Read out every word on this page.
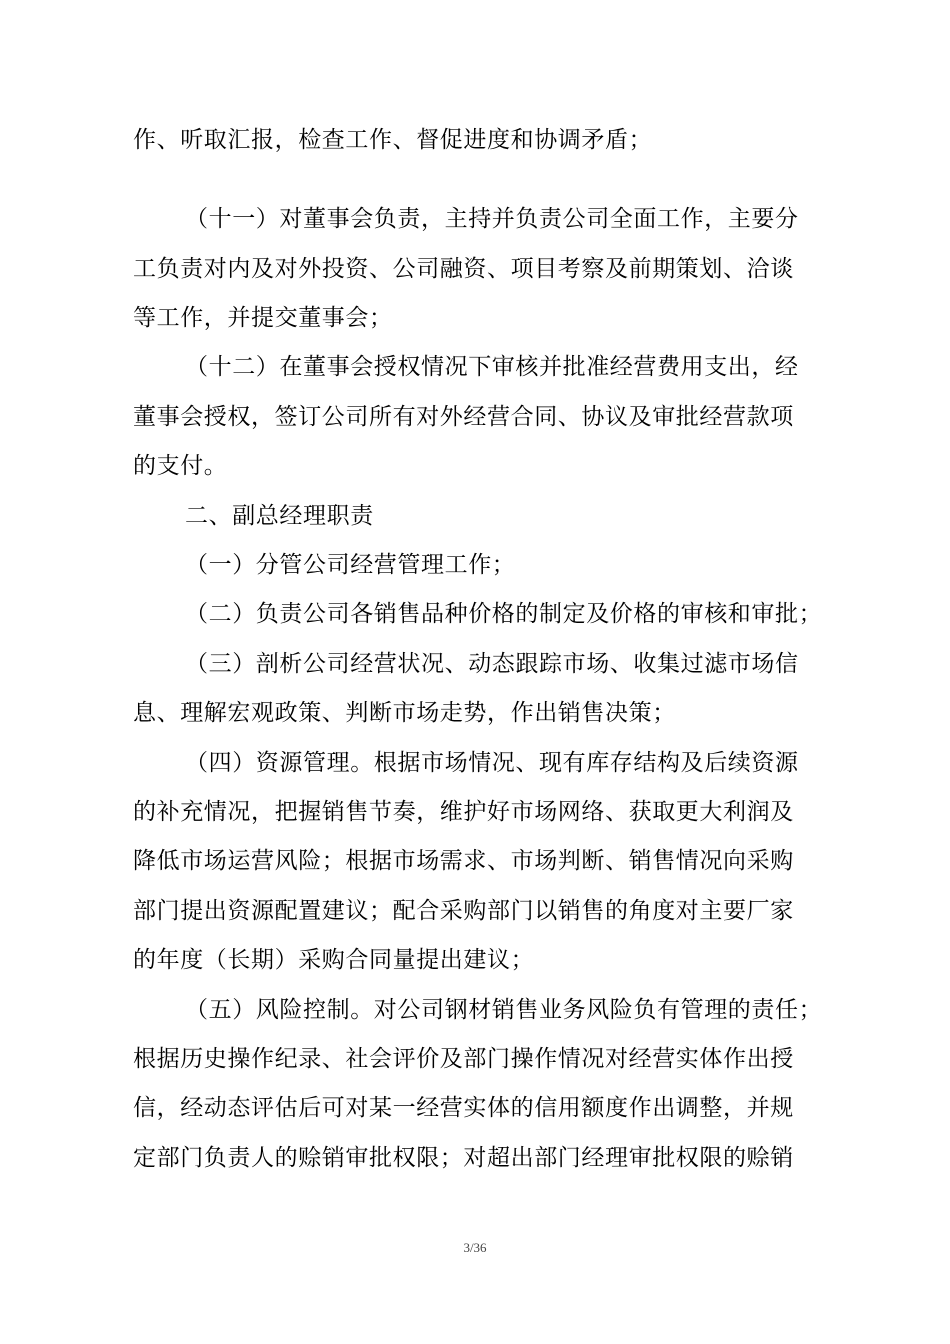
作、听取汇报，检查工作、督促进度和协调矛盾；
（十一）对董事会负责，主持并负责公司全面工作，主要分
工负责对内及对外投资、公司融资、项目考察及前期策划、洽谈
等工作，并提交董事会；
（十二）在董事会授权情况下审核并批准经营费用支出，经
董事会授权，签订公司所有对外经营合同、协议及审批经营款项
的支付。
二、副总经理职责
（一）分管公司经营管理工作；
（二）负责公司各销售品种价格的制定及价格的审核和审批；
（三）剖析公司经营状况、动态跟踪市场、收集过滤市场信
息、理解宏观政策、判断市场走势，作出销售决策；
（四）资源管理。根据市场情况、现有库存结构及后续资源
的补充情况，把握销售节奏，维护好市场网络、获取更大利润及
降低市场运营风险；根据市场需求、市场判断、销售情况向采购
部门提出资源配置建议；配合采购部门以销售的角度对主要厂家
的年度（长期）采购合同量提出建议；
（五）风险控制。对公司钢材销售业务风险负有管理的责任；
根据历史操作纪录、社会评价及部门操作情况对经营实体作出授
信，经动态评估后可对某一经营实体的信用额度作出调整，并规
定部门负责人的赊销审批权限；对超出部门经理审批权限的赊销
3/36
